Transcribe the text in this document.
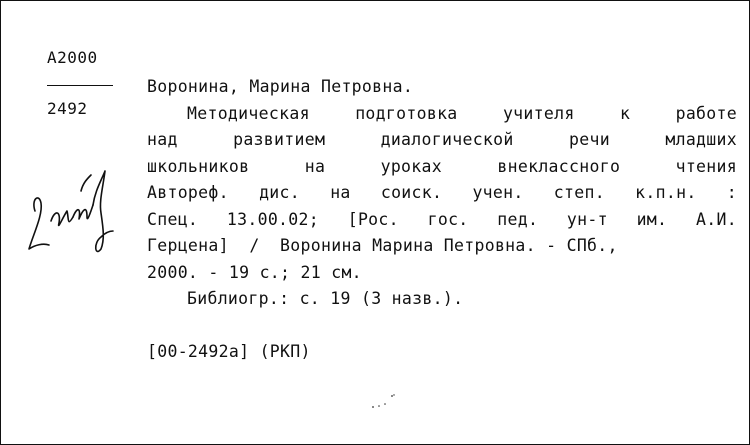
A2000
2492
Воронина, Марина Петровна.
Методическая	подготовка	учителя	к	работе
над	развитием	диалогической	речи	младших
школьников	на	уроках	внеклассного	чтения
Автореф. дис. на соиск. учен. степ. к.п.н. :
Спец. 13.00.02; [Рос. гос. пед. ун-т им. А.И.
Герцена]  /  Воронина Марина Петровна. - СПб.,
2000. - 19 с.; 21 см.
Библиогр.: с. 19 (3 назв.).
[00-2492а] (РКП)
